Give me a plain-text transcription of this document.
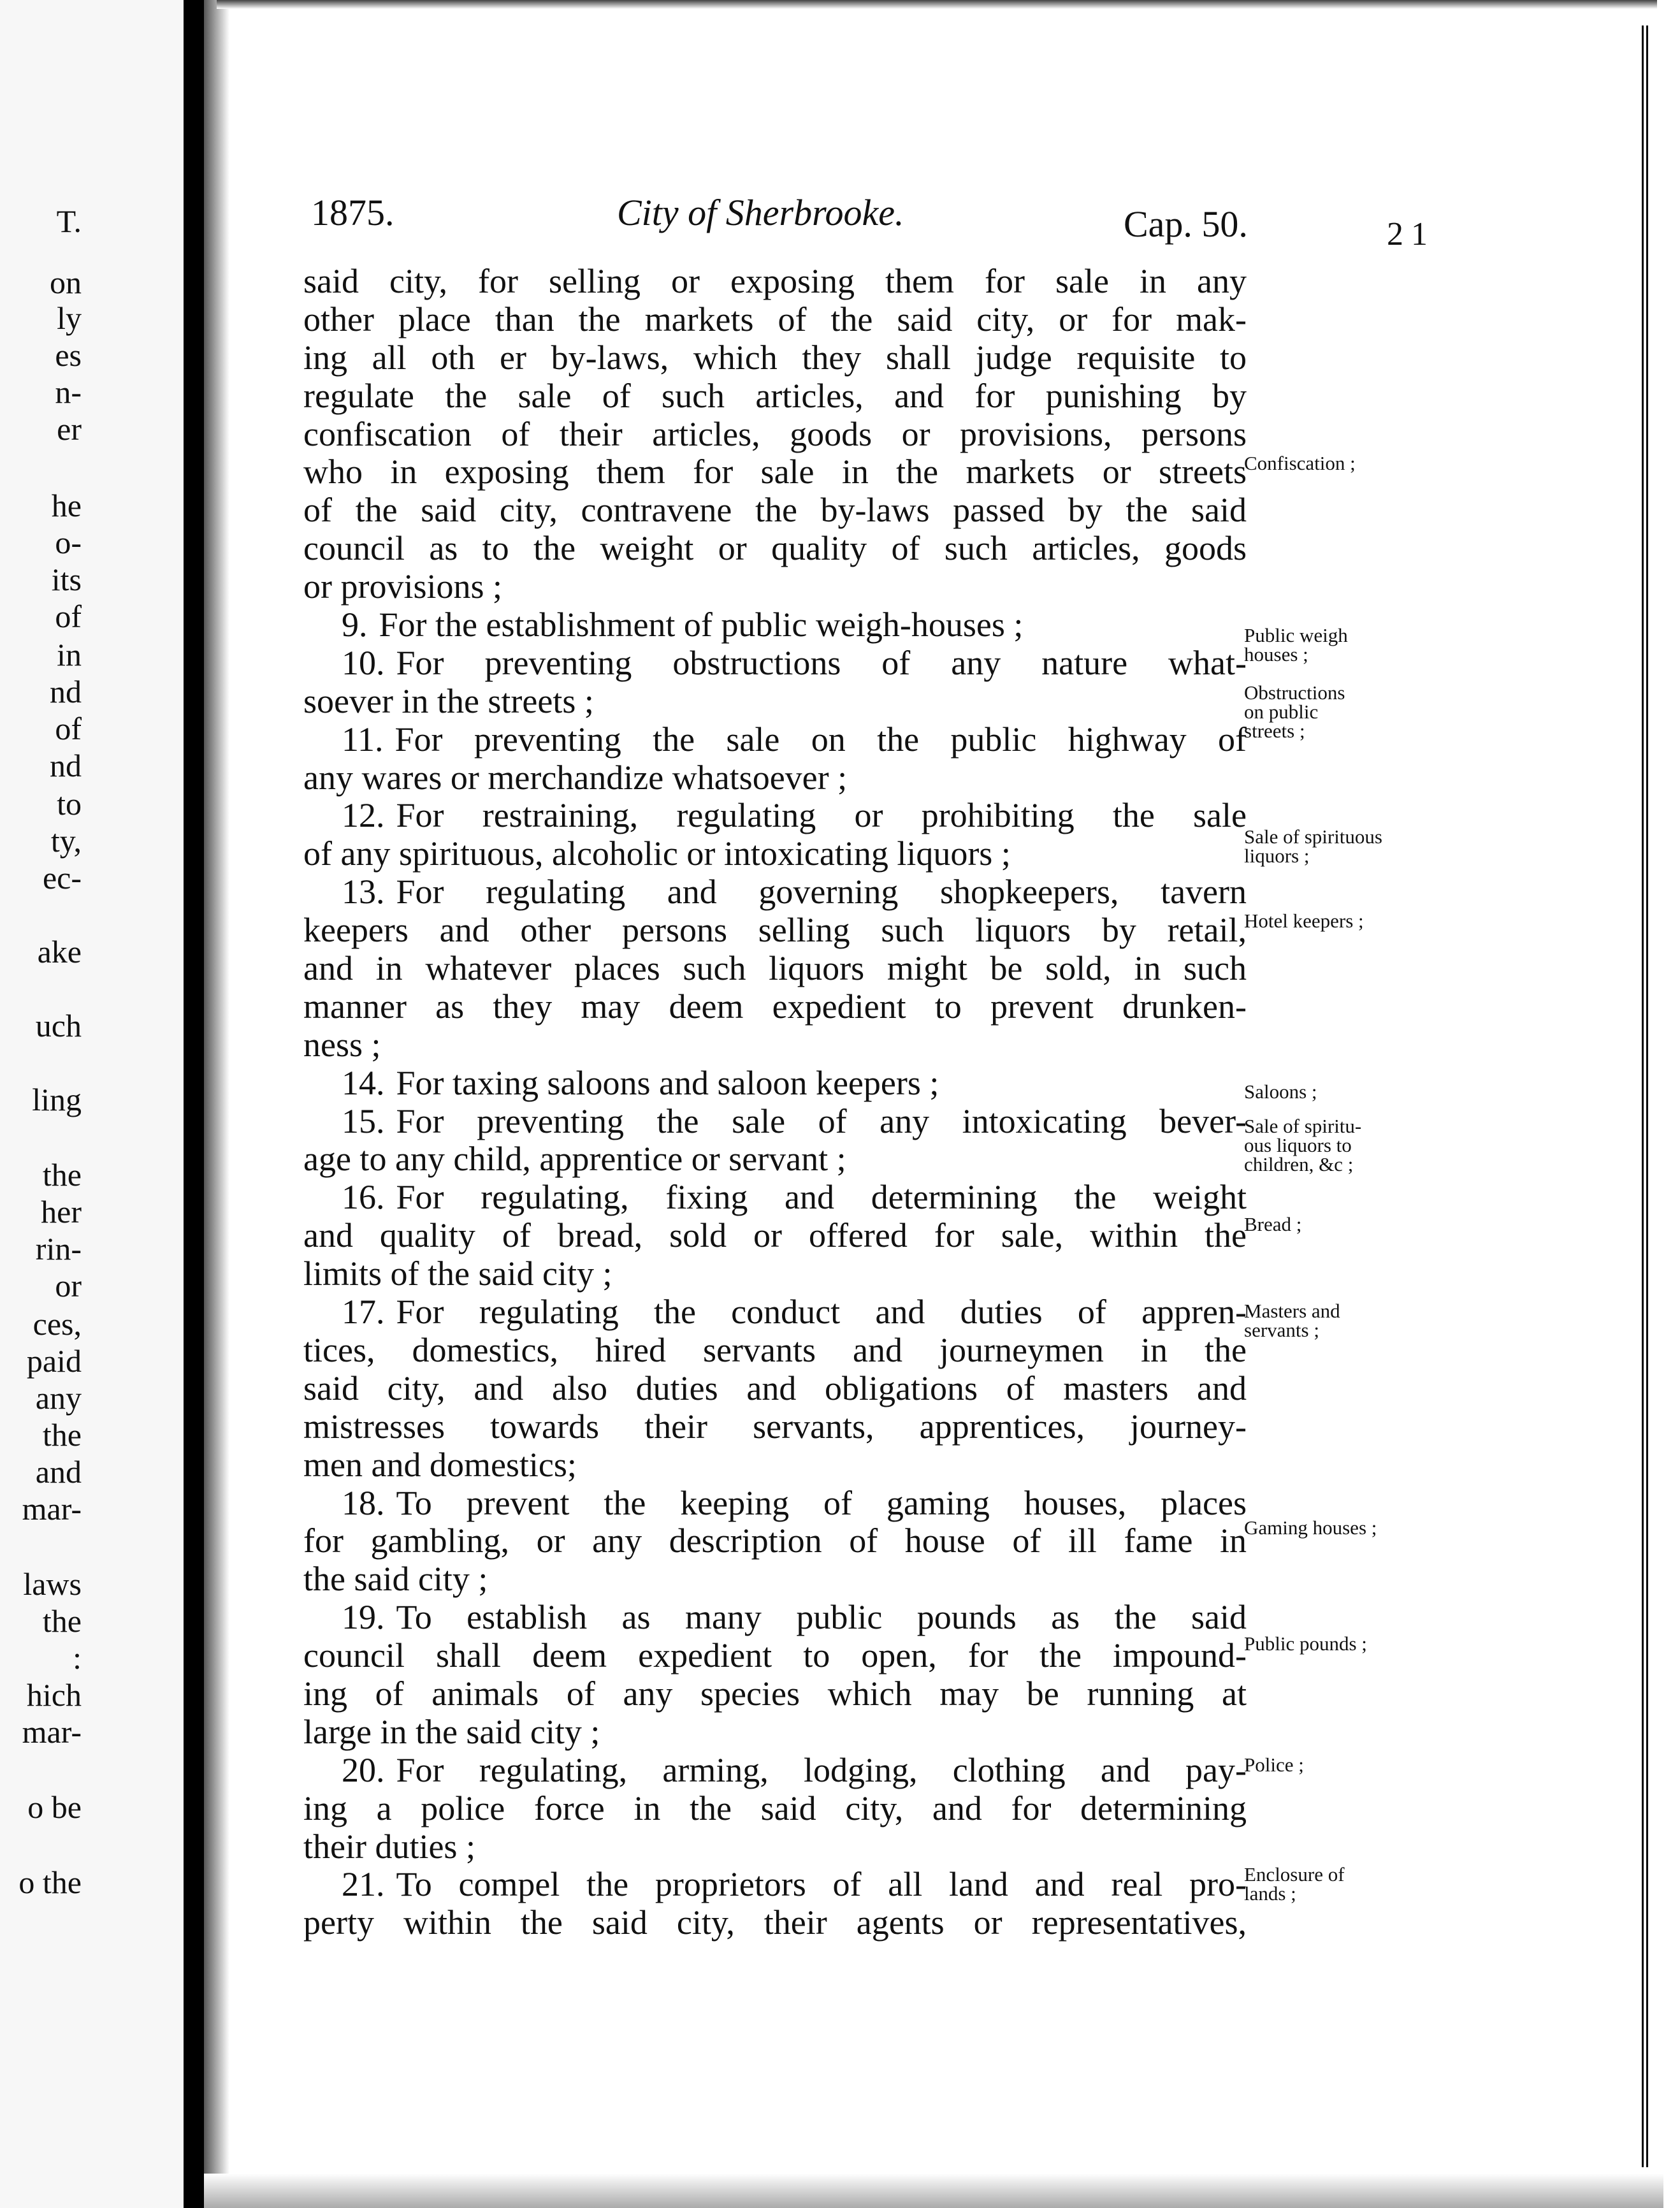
T.
on
ly
es
n-
er
he
o-
its
of
in
nd
of
nd
to
ty,
ec-
ake
uch
ling
the
her
rin-
or
ces,
paid
any
the
and
mar-
laws
the
:
hich
mar-
o be
o the
1875.	City of Sherbrooke.	Cap. 50.	21
said city, for selling or exposing them for sale in any
other place than the markets of the said city, or for mak-
ing all oth er by-laws, which they shall judge requisite to
regulate the sale of such articles, and for punishing by
confiscation of their articles, goods or provisions, persons
who in exposing them for sale in the markets or streets
of the said city, contravene the by-laws passed by the said
council as to the weight or quality of such articles, goods
or provisions ;
9. For the establishment of public weigh-houses ;
10. For preventing obstructions of any nature what-
soever in the streets ;
11. For preventing the sale on the public highway of
any wares or merchandize whatsoever ;
12. For restraining, regulating or prohibiting the sale
of any spirituous, alcoholic or intoxicating liquors ;
13. For regulating and governing shopkeepers, tavern
keepers and other persons selling such liquors by retail,
and in whatever places such liquors might be sold, in such
manner as they may deem expedient to prevent drunken-
ness ;
14. For taxing saloons and saloon keepers ;
15. For preventing the sale of any intoxicating bever-
age to any child, apprentice or servant ;
16. For regulating, fixing and determining the weight
and quality of bread, sold or offered for sale, within the
limits of the said city ;
17. For regulating the conduct and duties of appren-
tices, domestics, hired servants and journeymen in the
said city, and also duties and obligations of masters and
mistresses towards their servants, apprentices, journey-
men and domestics;
18. To prevent the keeping of gaming houses, places
for gambling, or any description of house of ill fame in
the said city ;
19. To establish as many public pounds as the said
council shall deem expedient to open, for the impound-
ing of animals of any species which may be running at
large in the said city ;
20. For regulating, arming, lodging, clothing and pay-
ing a police force in the said city, and for determining
their duties ;
21. To compel the proprietors of all land and real pro-
perty within the said city, their agents or representatives,
Confiscation ;
Public weigh
houses ;
Obstructions
on public
streets ;
Sale of spirituous
liquors ;
Hotel keepers ;
Saloons ;
Sale of spiritu-
ous liquors to
children, &c ;
Bread ;
Masters and
servants ;
Gaming houses ;
Public pounds ;
Police ;
Enclosure of
lands ;
